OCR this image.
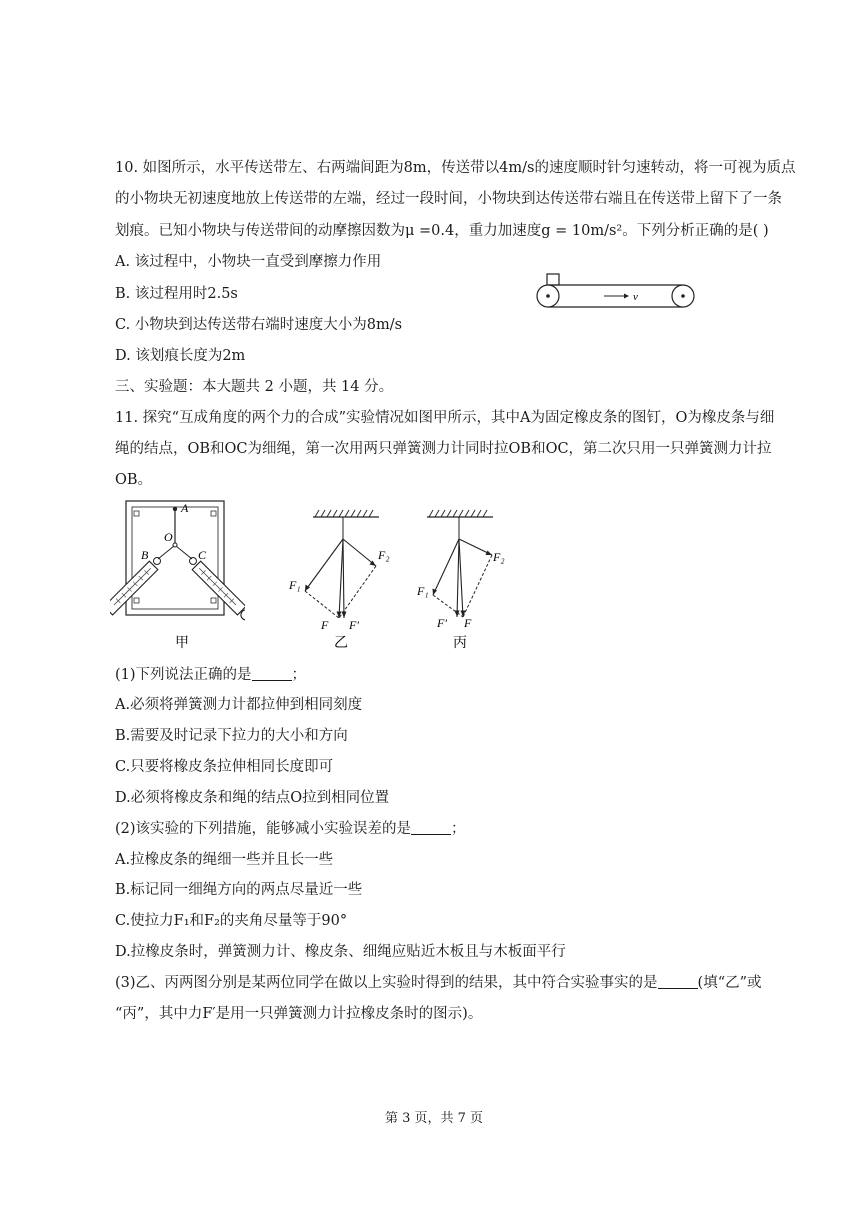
10. 如图所示，水平传送带左、右两端间距为8m，传送带以4m/s的速度顺时针匀速转动，将一可视为质点
的小物块无初速度地放上传送带的左端，经过一段时间，小物块到达传送带右端且在传送带上留下了一条
划痕。已知小物块与传送带间的动摩擦因数为μ =0.4，重力加速度g = 10m/s²。下列分析正确的是( )
A. 该过程中，小物块一直受到摩擦力作用
B. 该过程用时2.5s
C. 小物块到达传送带右端时速度大小为8m/s
D. 该划痕长度为2m
v
三、实验题：本大题共 2 小题，共 14 分。
11. 探究“互成角度的两个力的合成”实验情况如图甲所示，其中A为固定橡皮条的图钉，O为橡皮条与细
绳的结点，OB和OC为细绳，第一次用两只弹簧测力计同时拉OB和OC，第二次只用一只弹簧测力计拉
OB。
A
O
B	C
甲
F₁
F₂
F F′
乙
F₁
F₂
F′ F
丙
(1)下列说法正确的是	；
A.必须将弹簧测力计都拉伸到相同刻度
B.需要及时记录下拉力的大小和方向
C.只要将橡皮条拉伸相同长度即可
D.必须将橡皮条和绳的结点O拉到相同位置
(2)该实验的下列措施，能够减小实验误差的是	；
A.拉橡皮条的绳细一些并且长一些
B.标记同一细绳方向的两点尽量近一些
C.使拉力F₁和F₂的夹角尽量等于90°
D.拉橡皮条时，弹簧测力计、橡皮条、细绳应贴近木板且与木板面平行
(3)乙、丙两图分别是某两位同学在做以上实验时得到的结果，其中符合实验事实的是	(填“乙”或
“丙”，其中力F′是用一只弹簧测力计拉橡皮条时的图示)。
第 3 页，共 7 页
